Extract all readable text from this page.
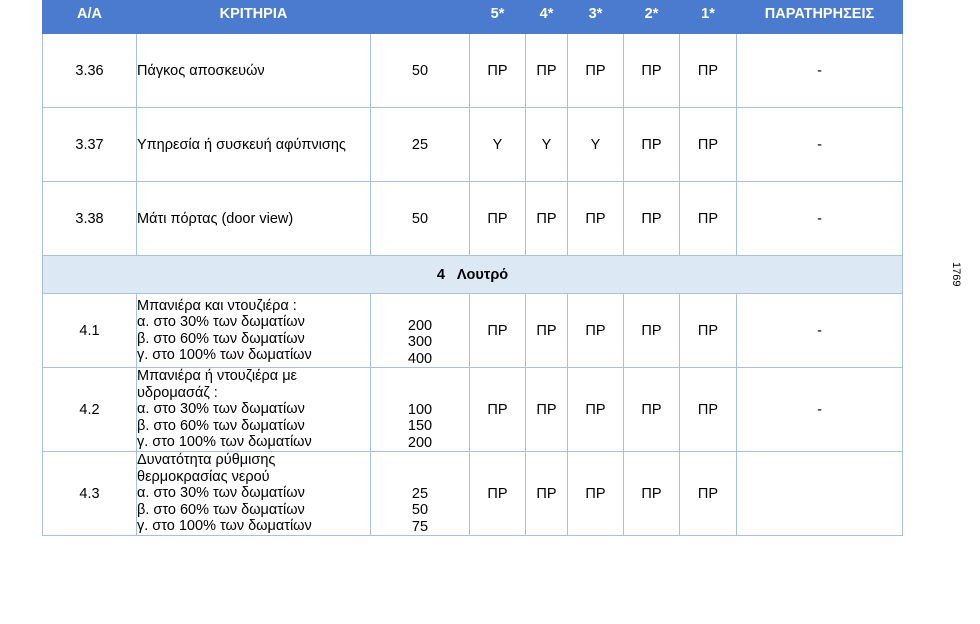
Α/Α	ΚΡΙΤΗΡΙΑ		5*	4*	3*	2*	1*	ΠΑΡΑΤΗΡΗΣΕΙΣ
3.36	Πάγκος αποσκευών	50	ΠΡ	ΠΡ	ΠΡ	ΠΡ	ΠΡ	-
3.37	Υπηρεσία ή συσκευή αφύπνισης	25	Υ	Υ	Υ	ΠΡ	ΠΡ	-
3.38	Μάτι πόρτας (door view)	50	ΠΡ	ΠΡ	ΠΡ	ΠΡ	ΠΡ	-
4 Λουτρό								
4.1	Μπανιέρα και ντουζιέρα :
α. στο 30% των δωματίων
β. στο 60% των δωματίων
γ. στο 100% των δωματίων	200
300
400	ΠΡ	ΠΡ	ΠΡ	ΠΡ	ΠΡ	-
4.2	Μπανιέρα ή ντουζιέρα με
υδρομασάζ :
α. στο 30% των δωματίων
β. στο 60% των δωματίων
γ. στο 100% των δωματίων	100
150
200	ΠΡ	ΠΡ	ΠΡ	ΠΡ	ΠΡ	-
4.3	Δυνατότητα ρύθμισης
θερμοκρασίας νερού
α. στο 30% των δωματίων
β. στο 60% των δωματίων
γ. στο 100% των δωματίων	25
50
75	ΠΡ	ΠΡ	ΠΡ	ΠΡ	ΠΡ	
1769
